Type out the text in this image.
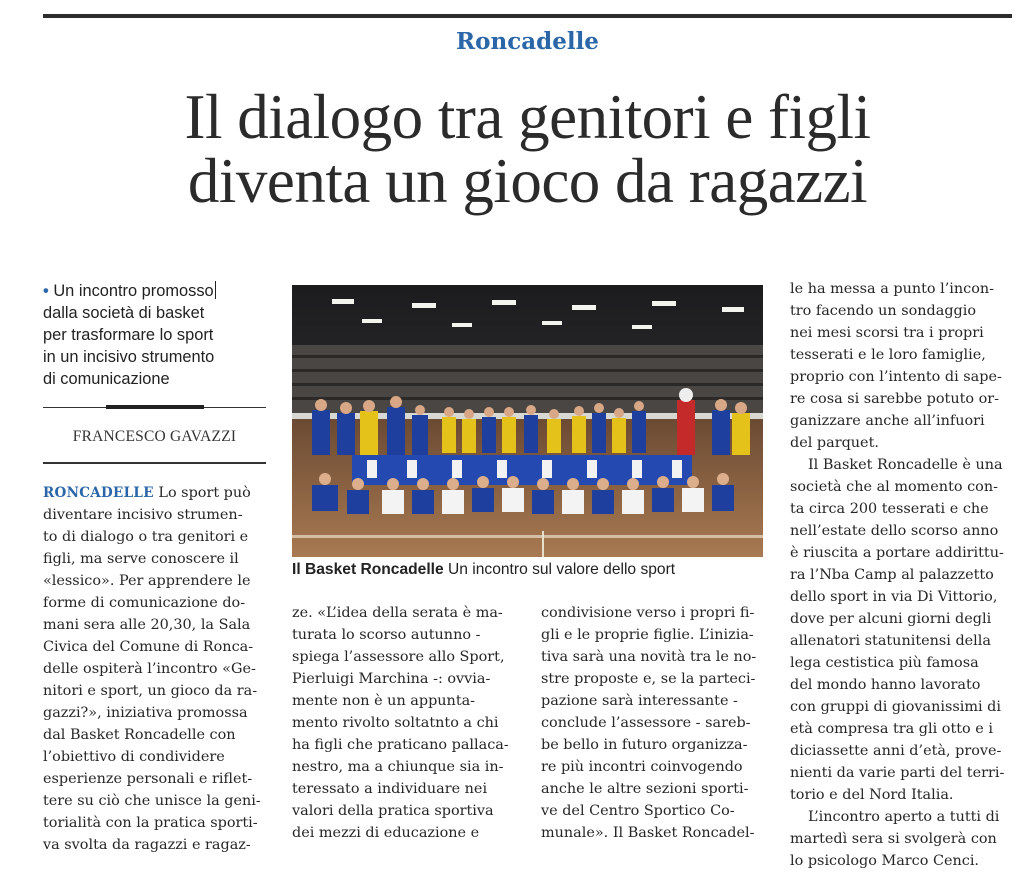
Roncadelle
Il dialogo tra genitori e figli
diventa un gioco da ragazzi
• Un incontro promosso
dalla società di basket
per trasformare lo sport
in un incisivo strumento
di comunicazione
FRANCESCO GAVAZZI
RONCADELLE Lo sport può
diventare incisivo strumen-
to di dialogo o tra genitori e
figli, ma serve conoscere il
«lessico». Per apprendere le
forme di comunicazione do-
mani sera alle 20,30, la Sala
Civica del Comune di Ronca-
delle ospiterà l’incontro «Ge-
nitori e sport, un gioco da ra-
gazzi?», iniziativa promossa
dal Basket Roncadelle con
l’obiettivo di condividere
esperienze personali e riflet-
tere su ciò che unisce la geni-
torialità con la pratica sporti-
va svolta da ragazzi e ragaz-
Il Basket Roncadelle Un incontro sul valore dello sport
ze. «L’idea della serata è ma-
turata lo scorso autunno -
spiega l’assessore allo Sport,
Pierluigi Marchina -: ovvia-
mente non è un appunta-
mento rivolto soltatnto a chi
ha figli che praticano pallaca-
nestro, ma a chiunque sia in-
teressato a individuare nei
valori della pratica sportiva
dei mezzi di educazione e
condivisione verso i propri fi-
gli e le proprie figlie. L’inizia-
tiva sarà una novità tra le no-
stre proposte e, se la parteci-
pazione sarà interessante -
conclude l’assessore - sareb-
be bello in futuro organizza-
re più incontri coinvogendo
anche le altre sezioni sporti-
ve del Centro Sportico Co-
munale». Il Basket Roncadel-
le ha messa a punto l’incon-
tro facendo un sondaggio
nei mesi scorsi tra i propri
tesserati e le loro famiglie,
proprio con l’intento di sape-
re cosa si sarebbe potuto or-
ganizzare anche all’infuori
del parquet.
Il Basket Roncadelle è una
società che al momento con-
ta circa 200 tesserati e che
nell’estate dello scorso anno
è riuscita a portare addirittu-
ra l’Nba Camp al palazzetto
dello sport in via Di Vittorio,
dove per alcuni giorni degli
allenatori statunitensi della
lega cestistica più famosa
del mondo hanno lavorato
con gruppi di giovanissimi di
età compresa tra gli otto e i
diciassette anni d’età, prove-
nienti da varie parti del terri-
torio e del Nord Italia.
L’incontro aperto a tutti di
martedì sera si svolgerà con
lo psicologo Marco Cenci.
